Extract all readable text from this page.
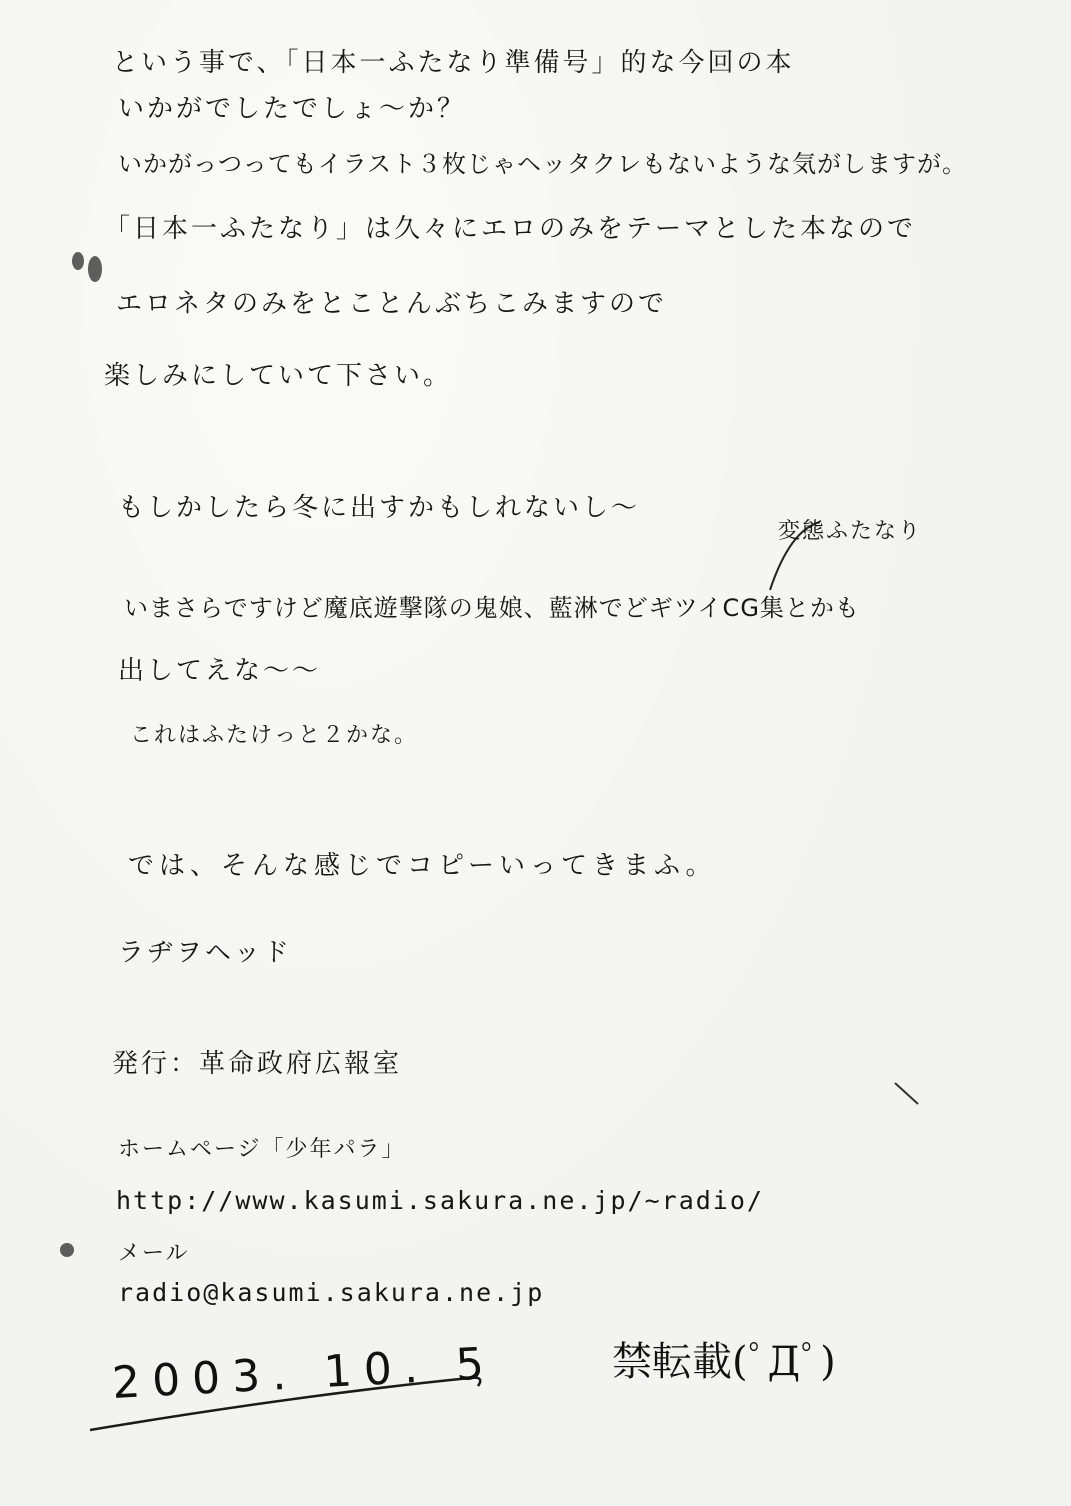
という事で、「日本一ふたなり準備号」的な今回の本
いかがでしたでしょ〜か？
いかがっつってもイラスト３枚じゃヘッタクレもないような気がしますが。
「日本一ふたなり」は久々にエロのみをテーマとした本なので
エロネタのみをとことんぶちこみますので
楽しみにしていて下さい。
もしかしたら冬に出すかもしれないし〜
変態ふたなり
いまさらですけど魔底遊撃隊の鬼娘、藍淋でどギツイCG集とかも
出してえな〜〜
これはふたけっと２かな。
では、そんな感じでコピーいってきまふ。
ラヂヲヘッド
発行：革命政府広報室
ホームページ「少年パラ」
http://www.kasumi.sakura.ne.jp/~radio/
メール
radio@kasumi.sakura.ne.jp
2003. 10. 5	禁転載(ﾟДﾟ)
